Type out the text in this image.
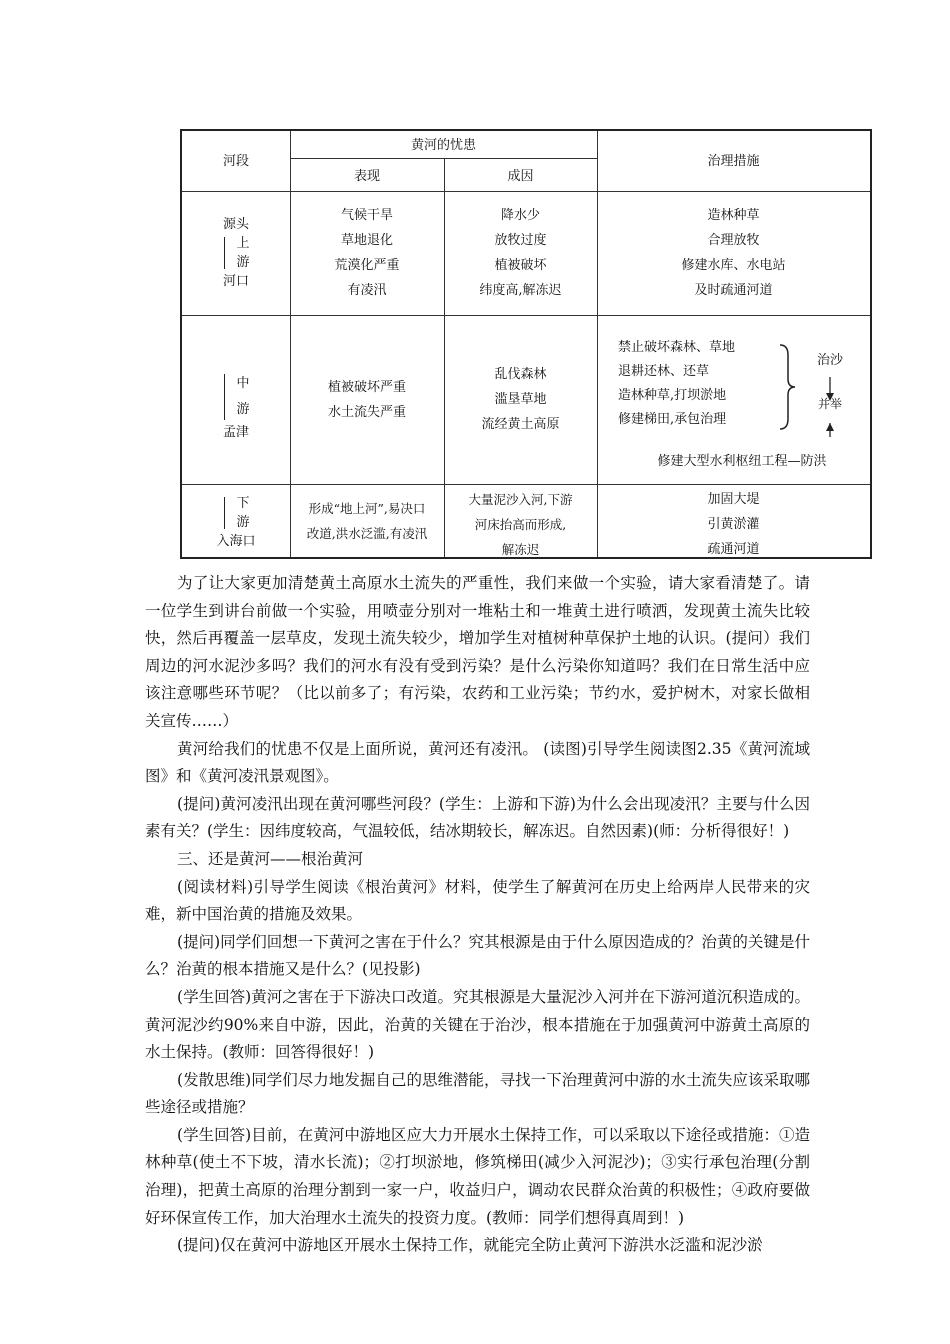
河段
黄河的忧患
表现	成因
治理措施
源头
上
游
河口
气候干旱
草地退化
荒漠化严重
有凌汛
降水少
放牧过度
植被破坏
纬度高,解冻迟
造林种草
合理放牧
修建水库、水电站
及时疏通河道
中
游
孟津
植被破坏严重
水土流失严重
乱伐森林
滥垦草地
流经黄土高原
禁止破坏森林、草地
退耕还林、还草
造林种草,打坝淤地
修建梯田,承包治理
治沙
并举
修建大型水利枢纽工程—防洪
下
游
入海口
形成“地上河”,易决口
改道,洪水泛滥,有凌汛
大量泥沙入河,下游
河床抬高而形成,
解冻迟
加固大堤
引黄淤灌
疏通河道

为了让大家更加清楚黄土高原水土流失的严重性，我们来做一个实验，请大家看清楚了。请一位学生到讲台前做一个实验，用喷壶分别对一堆粘土和一堆黄土进行喷洒，发现黄土流失比较快，然后再覆盖一层草皮，发现土流失较少，增加学生对植树种草保护土地的认识。(提问）我们周边的河水泥沙多吗？我们的河水有没有受到污染？是什么污染你知道吗？我们在日常生活中应该注意哪些环节呢？（比以前多了；有污染，农药和工业污染；节约水，爱护树木，对家长做相关宣传……）

黄河给我们的忧患不仅是上面所说，黄河还有凌汛。 (读图)引导学生阅读图2.35《黄河流域图》和《黄河凌汛景观图》。

(提问)黄河凌汛出现在黄河哪些河段？(学生：上游和下游)为什么会出现凌汛？主要与什么因素有关？(学生：因纬度较高，气温较低，结冰期较长，解冻迟。自然因素)(师：分析得很好！)

三、还是黄河——根治黄河

(阅读材料)引导学生阅读《根治黄河》材料，使学生了解黄河在历史上给两岸人民带来的灾难，新中国治黄的措施及效果。

(提问)同学们回想一下黄河之害在于什么？究其根源是由于什么原因造成的？治黄的关键是什么？治黄的根本措施又是什么？(见投影)

(学生回答)黄河之害在于下游决口改道。究其根源是大量泥沙入河并在下游河道沉积造成的。黄河泥沙约90%来自中游，因此，治黄的关键在于治沙，根本措施在于加强黄河中游黄土高原的水土保持。(教师：回答得很好！)

(发散思维)同学们尽力地发掘自己的思维潜能，寻找一下治理黄河中游的水土流失应该采取哪些途径或措施？

(学生回答)目前，在黄河中游地区应大力开展水土保持工作，可以采取以下途径或措施：①造林种草(使土不下坡，清水长流)；②打坝淤地，修筑梯田(减少入河泥沙)；③实行承包治理(分割治理)，把黄土高原的治理分割到一家一户，收益归户，调动农民群众治黄的积极性；④政府要做好环保宣传工作，加大治理水土流失的投资力度。(教师：同学们想得真周到！)

(提问)仅在黄河中游地区开展水土保持工作，就能完全防止黄河下游洪水泛滥和泥沙淤
